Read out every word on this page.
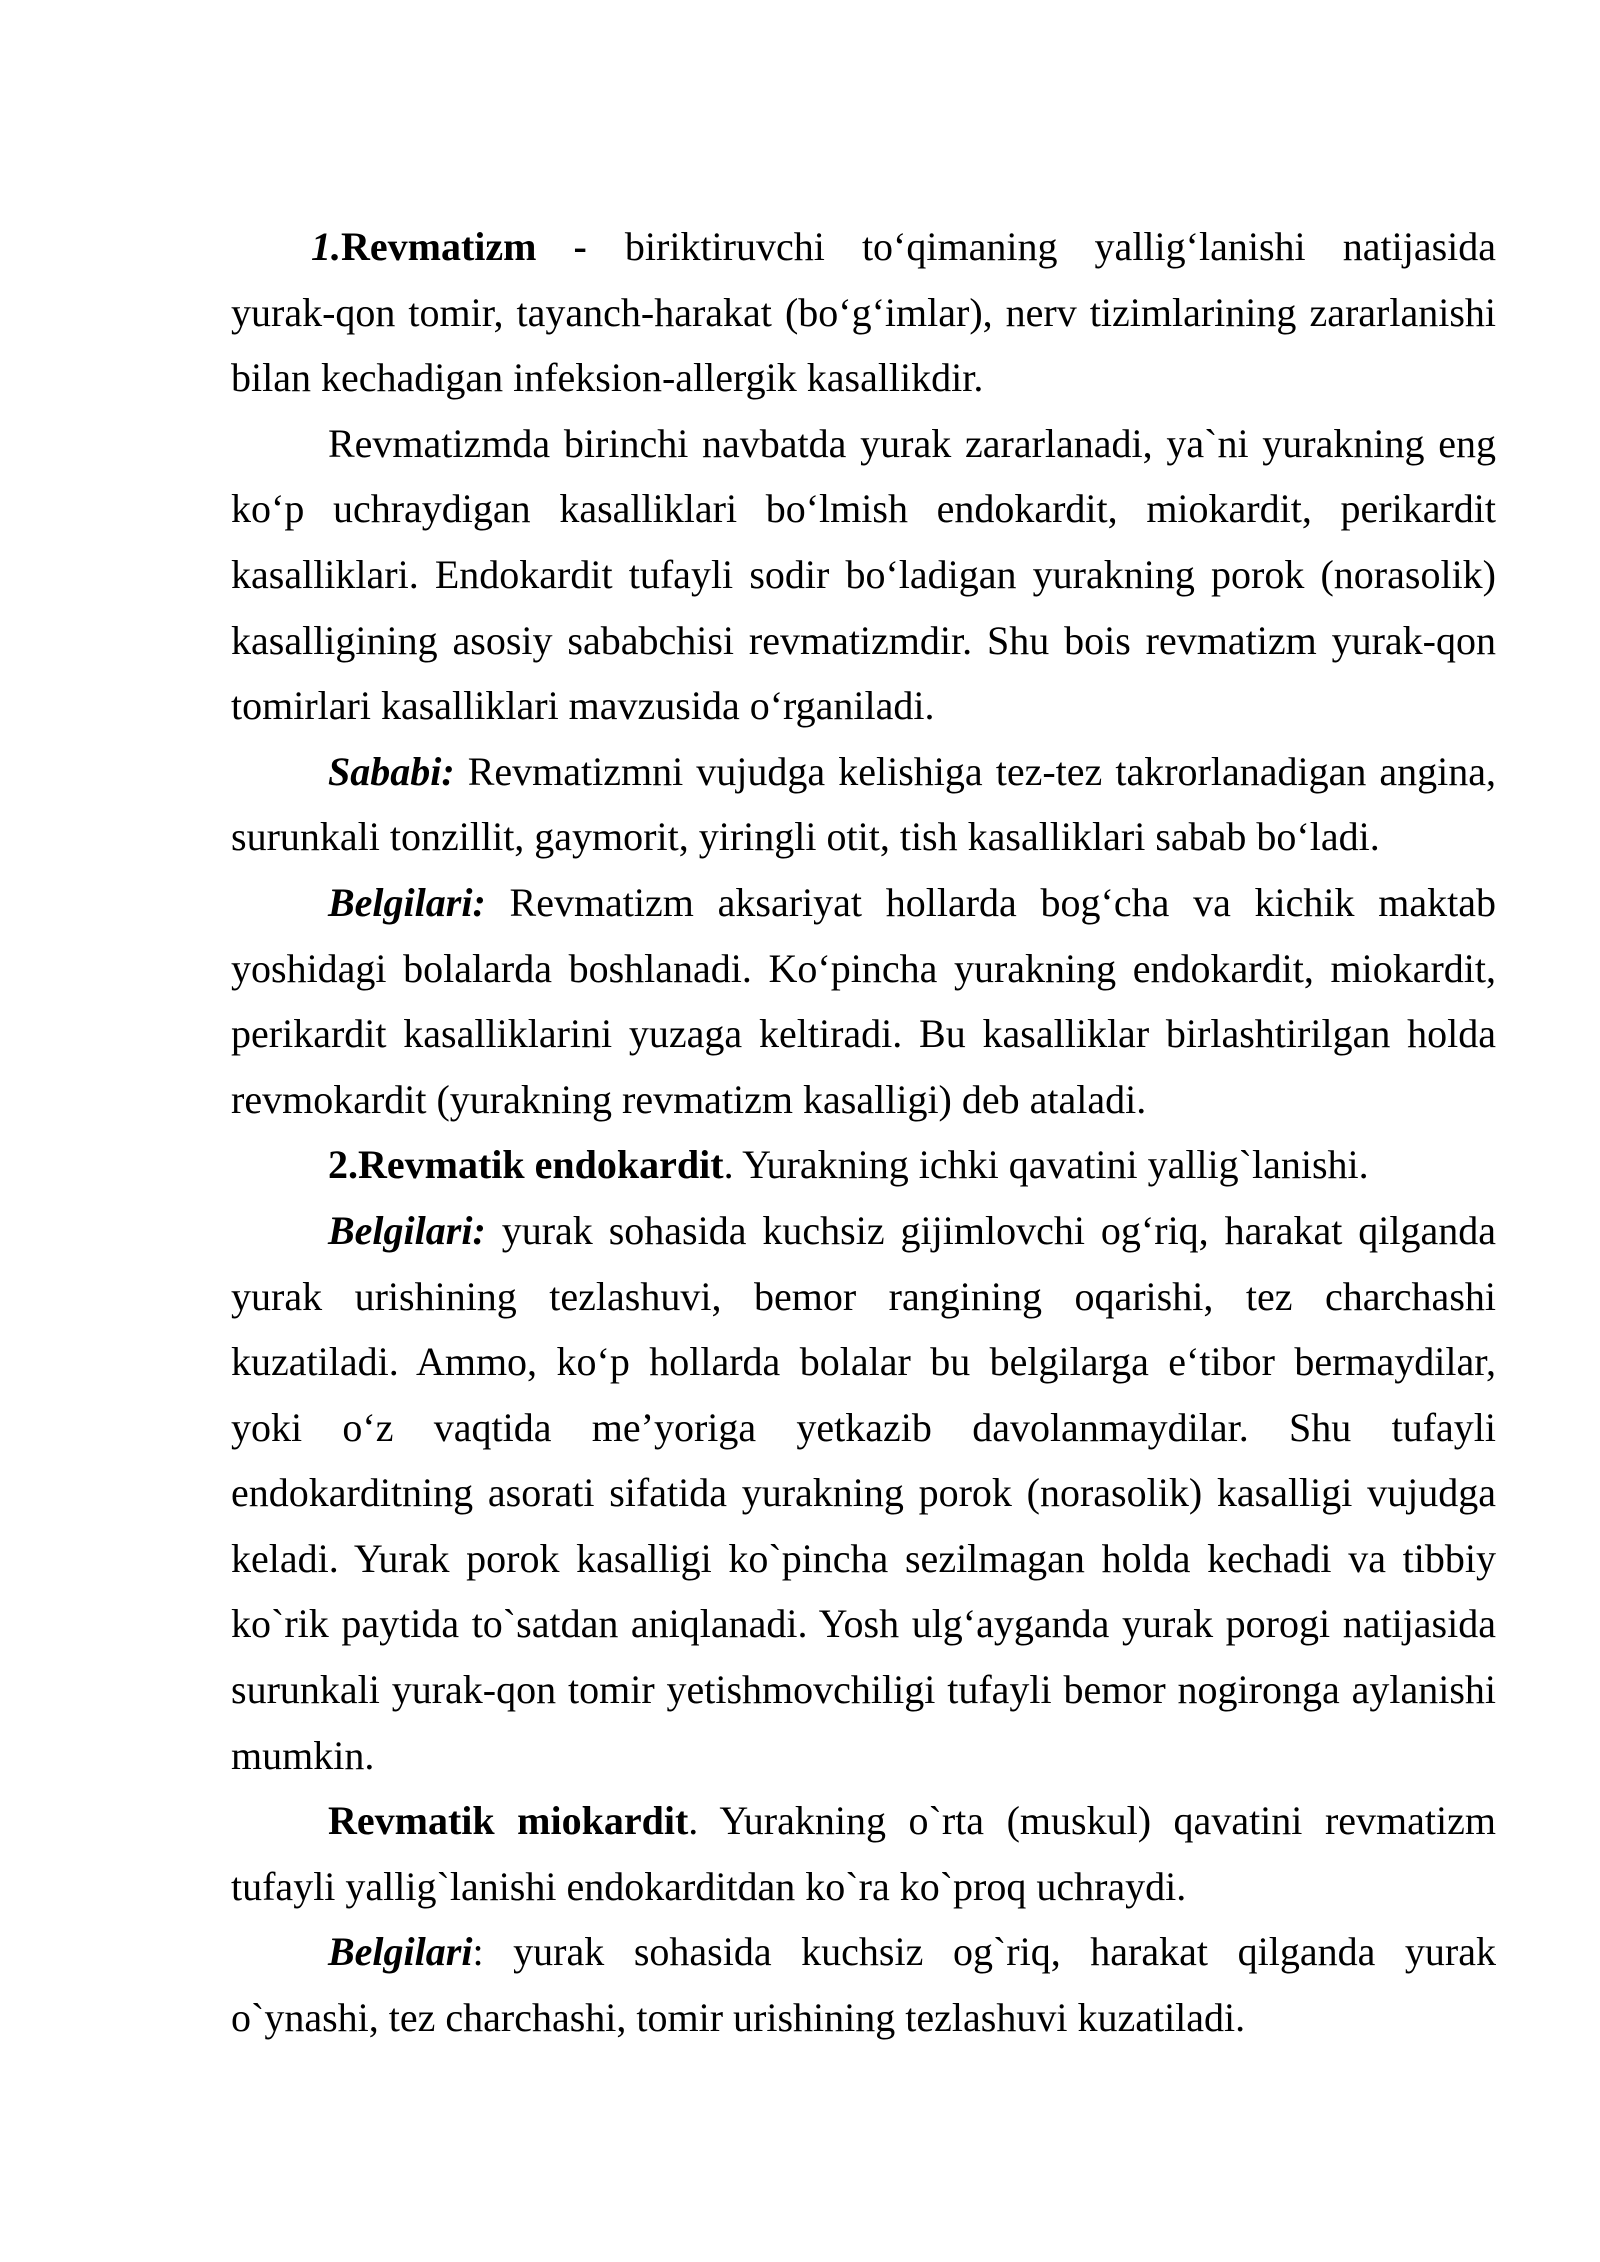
1.Revmatizm - biriktiruvchi to‘qimaning yallig‘lanishi natijasida yurak-qon tomir, tayanch-harakat (bo‘g‘imlar), nerv tizimlarining zararlanishi bilan kechadigan infeksion-allergik kasallikdir.

Revmatizmda birinchi navbatda yurak zararlanadi, ya`ni yurakning eng ko‘p uchraydigan kasalliklari bo‘lmish endokardit, miokardit, perikardit kasalliklari. Endokardit tufayli sodir bo‘ladigan yurakning porok (norasolik) kasalligining asosiy sababchisi revmatizmdir. Shu bois revmatizm yurak-qon tomirlari kasalliklari mavzusida o‘rganiladi.

Sababi: Revmatizmni vujudga kelishiga tez-tez takrorlanadigan angina, surunkali tonzillit, gaymorit, yiringli otit, tish kasalliklari sabab bo‘ladi.

Belgilari: Revmatizm aksariyat hollarda bog‘cha va kichik maktab yoshidagi bolalarda boshlanadi. Ko‘pincha yurakning endokardit, miokardit, perikardit kasalliklarini yuzaga keltiradi. Bu kasalliklar birlashtirilgan holda revmokardit (yurakning revmatizm kasalligi) deb ataladi.

2.Revmatik endokardit. Yurakning ichki qavatini yallig`lanishi.

Belgilari: yurak sohasida kuchsiz gijimlovchi og‘riq, harakat qilganda yurak urishining tezlashuvi, bemor rangining oqarishi, tez charchashi kuzatiladi. Ammo, ko‘p hollarda bolalar bu belgilarga e‘tibor bermaydilar, yoki o‘z vaqtida me’yoriga yetkazib davolanmaydilar. Shu tufayli endokarditning asorati sifatida yurakning porok (norasolik) kasalligi vujudga keladi. Yurak porok kasalligi ko`pincha sezilmagan holda kechadi va tibbiy ko`rik paytida to`satdan aniqlanadi. Yosh ulg‘ayganda yurak porogi natijasida surunkali yurak-qon tomir yetishmovchiligi tufayli bemor nogironga aylanishi mumkin.

Revmatik miokardit. Yurakning o`rta (muskul) qavatini revmatizm tufayli yallig`lanishi endokarditdan ko`ra ko`proq uchraydi.

Belgilari: yurak sohasida kuchsiz og`riq, harakat qilganda yurak o`ynashi, tez charchashi, tomir urishining tezlashuvi kuzatiladi.
